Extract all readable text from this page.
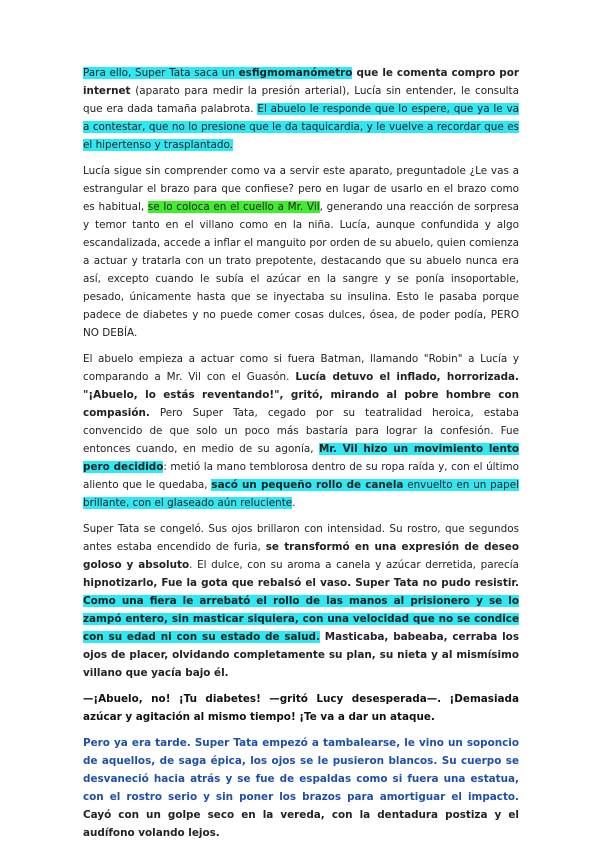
Para ello, Super Tata saca un esfigmomanómetro que le comenta compro por internet (aparato para medir la presión arterial), Lucía sin entender, le consulta que era dada tamaña palabrota. El abuelo le responde que lo espere, que ya le va a contestar, que no lo presione que le da taquicardia, y le vuelve a recordar que es el hipertenso y trasplantado.

Lucía sigue sin comprender como va a servir este aparato, preguntadole ¿Le vas a estrangular el brazo para que confiese? pero en lugar de usarlo en el brazo como es habitual, se lo coloca en el cuello a Mr. Vil, generando una reacción de sorpresa y temor tanto en el villano como en la niña. Lucía, aunque confundida y algo escandalizada, accede a inflar el manguito por orden de su abuelo, quien comienza a actuar y tratarla con un trato prepotente, destacando que su abuelo nunca era así, excepto cuando le subía el azúcar en la sangre y se ponía insoportable, pesado, únicamente hasta que se inyectaba su insulina. Esto le pasaba porque padece de diabetes y no puede comer cosas dulces, ósea, de poder podía, PERO NO DEBÍA.

El abuelo empieza a actuar como si fuera Batman, llamando "Robin" a Lucía y comparando a Mr. Vil con el Guasón. Lucía detuvo el inflado, horrorizada. "¡Abuelo, lo estás reventando!", gritó, mirando al pobre hombre con compasión. Pero Super Tata, cegado por su teatralidad heroica, estaba convencido de que solo un poco más bastaría para lograr la confesión. Fue entonces cuando, en medio de su agonía, Mr. Vil hizo un movimiento lento pero decidido: metió la mano temblorosa dentro de su ropa raída y, con el último aliento que le quedaba, sacó un pequeño rollo de canela envuelto en un papel brillante, con el glaseado aún reluciente.

Super Tata se congeló. Sus ojos brillaron con intensidad. Su rostro, que segundos antes estaba encendido de furia, se transformó en una expresión de deseo goloso y absoluto. El dulce, con su aroma a canela y azúcar derretida, parecía hipnotizarlo, Fue la gota que rebalsó el vaso. Super Tata no pudo resistir. Como una fiera le arrebató el rollo de las manos al prisionero y se lo zampó entero, sin masticar siquiera, con una velocidad que no se condice con su edad ni con su estado de salud. Masticaba, babeaba, cerraba los ojos de placer, olvidando completamente su plan, su nieta y al mismísimo villano que yacía bajo él.

—¡Abuelo, no! ¡Tu diabetes! —gritó Lucy desesperada—. ¡Demasiada azúcar y agitación al mismo tiempo! ¡Te va a dar un ataque.

Pero ya era tarde. Super Tata empezó a tambalearse, le vino un soponcio de aquellos, de saga épica, los ojos se le pusieron blancos. Su cuerpo se desvaneció hacia atrás y se fue de espaldas como si fuera una estatua, con el rostro serio y sin poner los brazos para amortiguar el impacto. Cayó con un golpe seco en la vereda, con la dentadura postiza y el audífono volando lejos.
